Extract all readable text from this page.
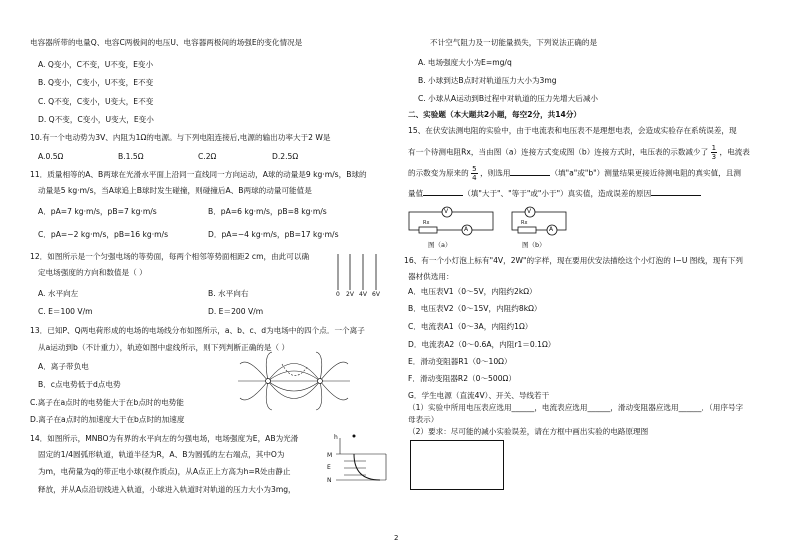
电容器所带的电量Q、电容C两极间的电压U、电容器两极间的场强E的变化情况是
A. Q变小，C不变，U不变，E变小
B. Q变小，C变小，U不变，E不变
C. Q不变，C变小，U变大，E不变
D. Q不变，C变小，U变大，E变小
10.有一个电动势为3V、内阻为1Ω的电源。与下列电阻连接后,电源的输出功率大于2 W是
A.0.5Ω	B.1.5Ω	C.2Ω	D.2.5Ω
11．质量相等的A、B两球在光滑水平面上沿同一直线同一方向运动，A球的动量是9 kg·m/s，B球的
动量是5 kg·m/s，当A球追上B球时发生碰撞，则碰撞后A、B两球的动量可能值是
A．pA=7 kg·m/s，pB=7 kg·m/s	B．pA=6 kg·m/s，pB=8 kg·m/s
C．pA=−2 kg·m/s，pB=16 kg·m/s	D．pA=−4 kg·m/s，pB=17 kg·m/s
12．如图所示是一个匀强电场的等势面，每两个相邻等势面相距2 cm，由此可以确
定电场强度的方向和数值是（ ）
A. 水平向左	B. 水平向右
C. E＝100 V/m	D. E＝200 V/m
0 2V 4V 6V
13．已知P、Q两电荷形成的电场的电场线分布如图所示，a、b、c、d为电场中的四个点．一个离子
从a运动到b（不计重力），轨迹如图中虚线所示，则下列判断正确的是（ ）
A．离子带负电
B．c点电势低于d点电势
C.离子在a点时的电势能大于在b点时的电势能
D.离子在a点时的加速度大于在b点时的加速度
14．如图所示，MNBO为有界的水平向左的匀强电场，电场强度为E，AB为光滑
固定的1/4圆弧形轨道，轨道半径为R，A、B为圆弧的左右端点，其中O为
为m，电荷量为q的带正电小球(视作质点)，从A点正上方高为h=R处由静止
释放，并从A点沿切线进入轨道，小球进入轨道时对轨道的压力大小为3mg，
h
M
E
N
不计空气阻力及一切能量损失，下列说法正确的是
A. 电场强度大小为E=mg/q
B. 小球到达B点时对轨道压力大小为3mg
C. 小球从A运动到B过程中对轨道的压力先增大后减小
二、实验题（本大题共2小题，每空2分，共14分）
15、在伏安法测电阻的实验中，由于电流表和电压表不是理想电表，会造成实验存在系统误差，现
有一个待测电阻Rx，当由图（a）连接方式变成图（b）连接方式时，电压表的示数减少了 $\frac{1}{3}$ ，电流表
的示数变为原来的 $\frac{5}{4}$ ，则选用	（填"a"或"b"）测量结果更接近待测电阻的真实值，且测
量值	（填"大于"、"等于"或"小于"）真实值，造成误差的原因
V
Rx
A
V
Rx
A
图（a）	图（b）
16、有一个小灯泡上标有"4V，2W"的字样，现在要用伏安法描绘这个小灯泡的 I−U 图线，现有下列
器材供选用：
A．电压表V1（0～5V，内阻约2kΩ）
B．电压表V2（0～15V，内阻约8kΩ）
C．电流表A1（0～3A，内阻约1Ω）
D．电流表A2（0～0.6A，内阻r1＝0.1Ω）
E．滑动变阻器R1（0～10Ω）
F．滑动变阻器R2（0～500Ω）
G．学生电源（直流4V）、开关、导线若干
（1）实验中所用电压表应选用______，电流表应选用______，滑动变阻器应选用______．（用序号字
母表示）
（2）要求：尽可能的减小实验误差，请在方框中画出实验的电路原理图
2
